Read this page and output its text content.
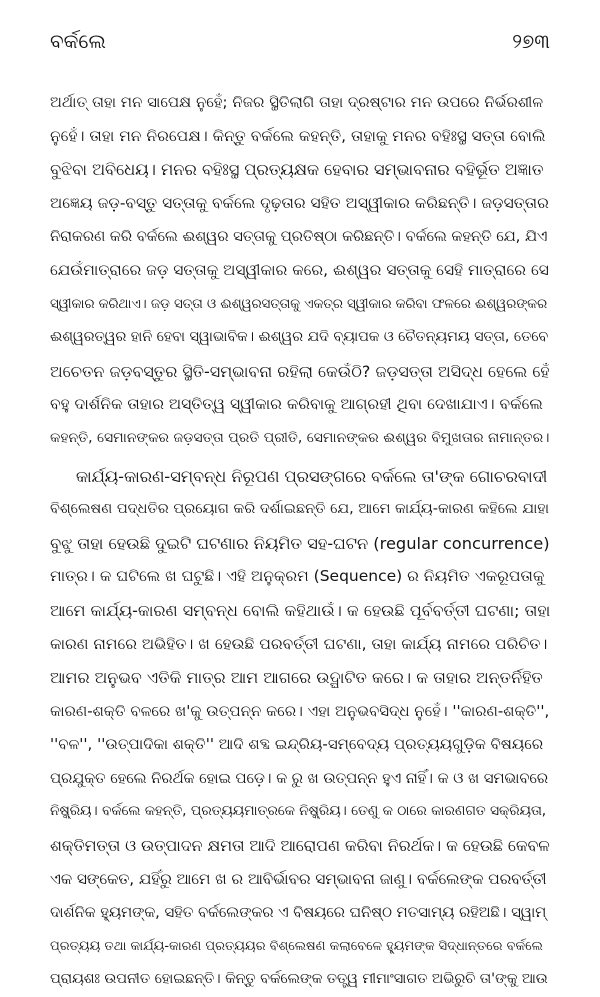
ବର୍କଲେ	୨୭୩
ଅର୍ଥାତ୍ ତାହା ମନ ସାପେକ୍ଷ ନୁହେଁ; ନିଜର ସ୍ଥିତିଲାଗି ତାହା ଦ୍ରଷ୍ଟାର ମନ ଉପରେ ନିର୍ଭରଶୀଳ
ନୁହେଁ। ତାହା ମନ ନିରପେକ୍ଷ। କିନ୍ତୁ ବର୍କଲେ କହନ୍ତି, ତାହାକୁ ମନର ବହିଃସ୍ଥ ସତ୍ତା ବୋଲି
ବୁଝିବା ଅବିଧେୟ। ମନର ବହିଃସ୍ଥ ପ୍ରତ୍ୟକ୍ଷକ ହେବାର ସମ୍ଭାବନାର ବହିର୍ଭୂତ ଅଜ୍ଞାତ
ଅଜ୍ଞେୟ ଜଡ଼-ବସ୍ତୁ ସତ୍ତାକୁ ବର୍କଲେ ଦୃଢ଼ତାର ସହିତ ଅସ୍ୱୀକାର କରିଛନ୍ତି। ଜଡ଼ସତ୍ତାର
ନିରାକରଣ କରି ବର୍କଲେ ଈଶ୍ୱର ସତ୍ତାକୁ ପ୍ରତିଷ୍ଠା କରିଛନ୍ତି। ବର୍କଲେ କହନ୍ତି ଯେ, ଯିଏ
ଯେଉଁମାତ୍ରାରେ ଜଡ଼ ସତ୍ତାକୁ ଅସ୍ୱୀକାର କରେ, ଈଶ୍ୱର ସତ୍ତାକୁ ସେହି ମାତ୍ରାରେ ସେ
ସ୍ୱୀକାର କରିଥାଏ। ଜଡ଼ ସତ୍ତା ଓ ଈଶ୍ୱରସତ୍ତାକୁ ଏକତ୍ର ସ୍ୱୀକାର କରିବା ଫଳରେ ଈଶ୍ୱରଙ୍କର
ଈଶ୍ୱରତ୍ୱର ହାନି ହେବା ସ୍ୱାଭାବିକ। ଈଶ୍ୱର ଯଦି ବ୍ୟାପକ ଓ ଚୈତନ୍ୟମୟ ସତ୍ତା, ତେବେ
ଅଚେତନ ଜଡ଼ବସ୍ତୁର ସ୍ଥିତି-ସମ୍ଭାବନା ରହିଲା କେଉଁଠି? ଜଡ଼ସତ୍ତା ଅସିଦ୍ଧ ହେଲେ ହେଁ
ବହୁ ଦାର୍ଶନିକ ତାହାର ଅସ୍ତିତ୍ୱ ସ୍ୱୀକାର କରିବାକୁ ଆଗ୍ରହୀ ଥିବା ଦେଖାଯାଏ। ବର୍କଲେ
କହନ୍ତି, ସେମାନଙ୍କର ଜଡ଼ସତ୍ତା ପ୍ରତି ପ୍ରୀତି, ସେମାନଙ୍କର ଈଶ୍ୱର ବିମୁଖତାର ନାମାନ୍ତର।
କାର୍ଯ୍ୟ-କାରଣ-ସମ୍ବନ୍ଧ ନିରୂପଣ ପ୍ରସଙ୍ଗରେ ବର୍କଲେ ତା'ଙ୍କ ଗୋଚରବାଦୀ
ବିଶ୍ଲେଷଣ ପଦ୍ଧତିର ପ୍ରୟୋଗ କରି ଦର୍ଶାଇଛନ୍ତି ଯେ, ଆମେ କାର୍ଯ୍ୟ-କାରଣ କହିଲେ ଯାହା
ବୁଝୁ ତାହା ହେଉଛି ଦୁଇଟି ଘଟଣାର ନିୟମିତ ସହ-ଘଟନ (regular concurrence)
ମାତ୍ର। କ ଘଟିଲେ ଖ ଘଟୁଛି। ଏହି ଅନୁକ୍ରମ (Sequence) ର ନିୟମିତ ଏକରୂପତାକୁ
ଆମେ କାର୍ଯ୍ୟ-କାରଣ ସମ୍ବନ୍ଧ ବୋଲି କହିଥାଉଁ। କ ହେଉଛି ପୂର୍ବବର୍ତ୍ତୀ ଘଟଣା; ତାହା
କାରଣ ନାମରେ ଅଭିହିତ। ଖ ହେଉଛି ପରବର୍ତ୍ତୀ ଘଟଣା, ତାହା କାର୍ଯ୍ୟ ନାମରେ ପରିଚିତ।
ଆମର ଅନୁଭବ ଏତିକି ମାତ୍ର ଆମ ଆଗରେ ଉଦ୍ଘାଟିତ କରେ। କ ତାହାର ଅନ୍ତର୍ନିହିତ
କାରଣ-ଶକ୍ତି ବଳରେ ଖ'କୁ ଉତ୍ପନ୍ନ କରେ। ଏହା ଅନୁଭବସିଦ୍ଧ ନୁହେଁ। ''କାରଣ-ଶକ୍ତି'',
''ବଳ'', ''ଉତ୍ପାଦିକା ଶକ୍ତି'' ଆଦି ଶବ୍ଦ ଇନ୍ଦ୍ରିୟ-ସମ୍ବେଦ୍ୟ ପ୍ରତ୍ୟୟଗୁଡ଼ିକ ବିଷୟରେ
ପ୍ରଯୁକ୍ତ ହେଲେ ନିରର୍ଥକ ହୋଇ ପଡ଼େ। କ ରୁ ଖ ଉତ୍ପନ୍ନ ହୁଏ ନାହିଁ। କ ଓ ଖ ସମଭାବରେ
ନିଷ୍କ୍ରିୟ। ବର୍କଲେ କହନ୍ତି, ପ୍ରତ୍ୟୟମାତ୍ରକେ ନିଷ୍କ୍ରିୟ। ତେଣୁ କ ଠାରେ କାରଣଗତ ସକ୍ରିୟତା,
ଶକ୍ତିମତ୍ତା ଓ ଉତ୍ପାଦନ କ୍ଷମତା ଆଦି ଆରୋପଣ କରିବା ନିରର୍ଥକ। କ ହେଉଛି କେବଳ
ଏକ ସଙ୍କେତ, ଯହିଁରୁ ଆମେ ଖ ର ଆବିର୍ଭାବର ସମ୍ଭାବନା ଜାଣୁ। ବର୍କଲେଙ୍କ ପରବର୍ତ୍ତୀ
ଦାର୍ଶନିକ ହ୍ୟୁମଙ୍କ, ସହିତ ବର୍କଲେଙ୍କର ଏ ବିଷୟରେ ଘନିଷ୍ଠ ମତସାମ୍ୟ ରହିଅଛି। ସ୍ୱାମ୍
ପ୍ରତ୍ୟୟ ତଥା କାର୍ଯ୍ୟ-କାରଣ ପ୍ରତ୍ୟୟର ବିଶ୍ଲେଷଣ କଲାବେଳେ ହ୍ୟୁମଙ୍କ ସିଦ୍ଧାନ୍ତରେ ବର୍କଲେ
ପ୍ରାୟଶଃ ଉପନୀତ ହୋଇଛନ୍ତି। କିନ୍ତୁ ବର୍କଲେଙ୍କ ତତ୍ତ୍ୱ ମୀମାଂସାଗତ ଅଭିରୁଚି ତା'ଙ୍କୁ ଆଉ
